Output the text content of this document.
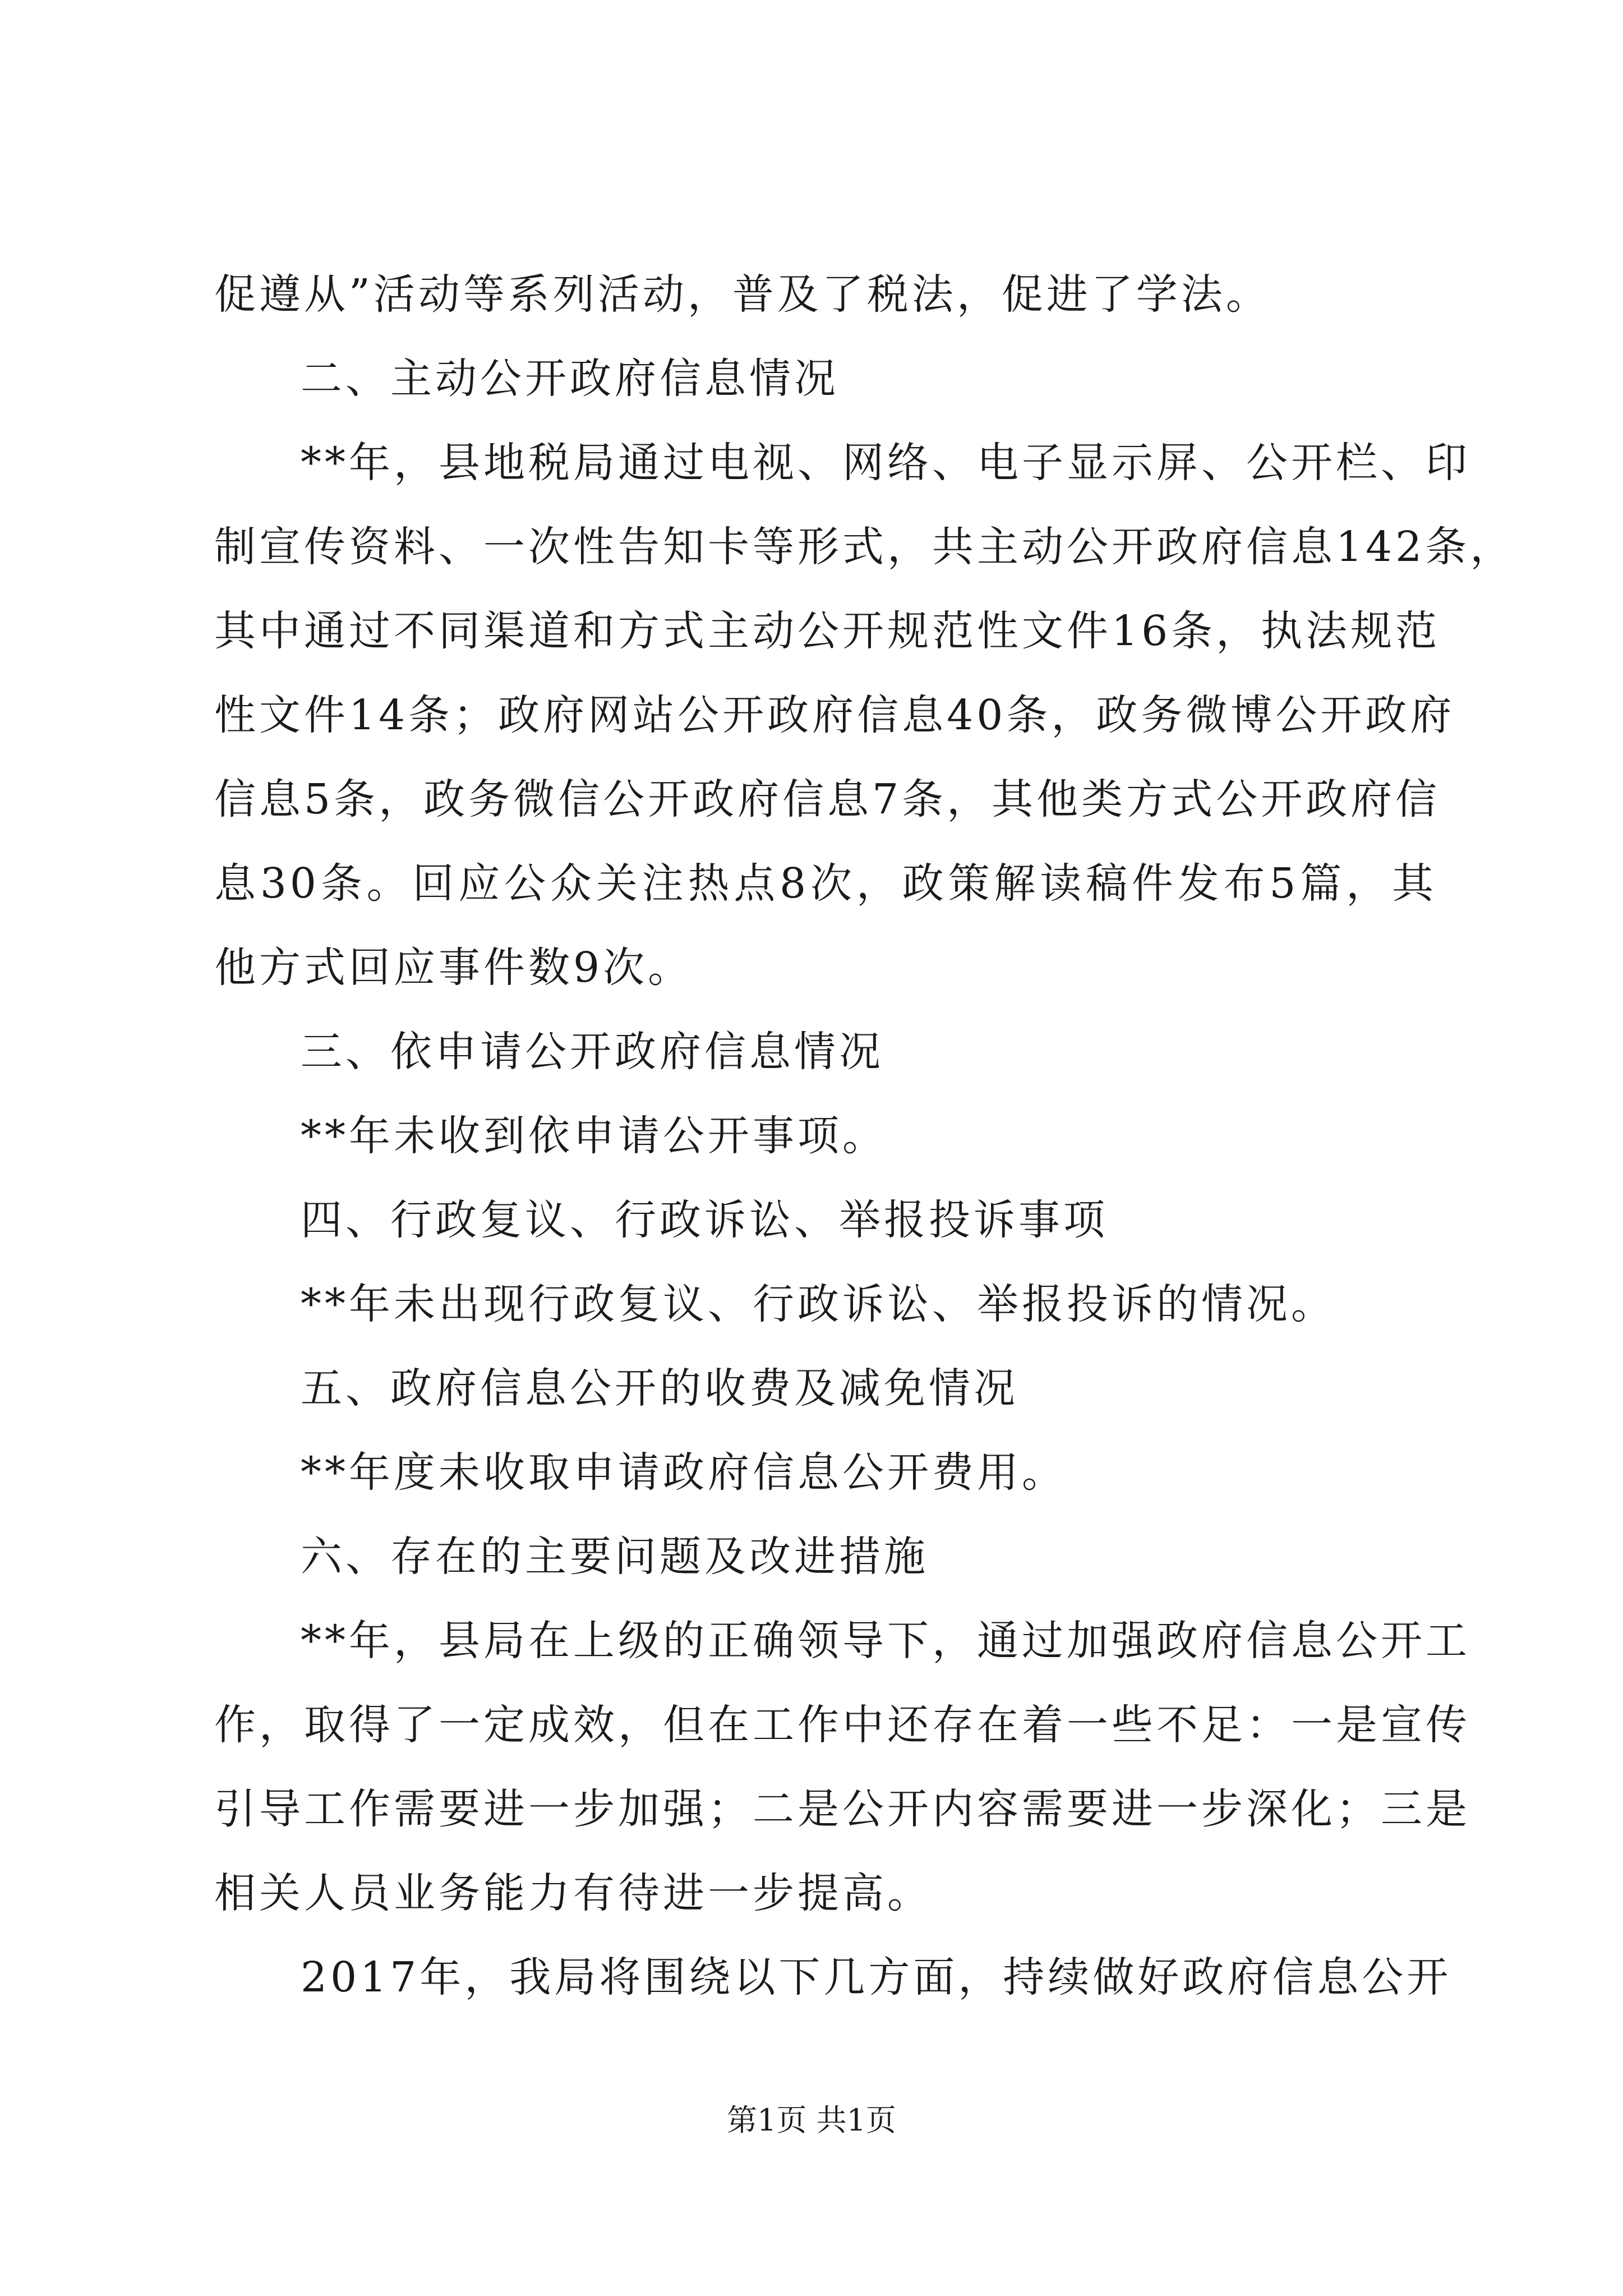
促遵从”活动等系列活动，普及了税法，促进了学法。
二、主动公开政府信息情况
**年，县地税局通过电视、网络、电子显示屏、公开栏、印
制宣传资料、一次性告知卡等形式，共主动公开政府信息142条，
其中通过不同渠道和方式主动公开规范性文件16条，执法规范
性文件14条；政府网站公开政府信息40条，政务微博公开政府
信息5条，政务微信公开政府信息7条，其他类方式公开政府信
息30条。回应公众关注热点8次，政策解读稿件发布5篇，其
他方式回应事件数9次。
三、依申请公开政府信息情况
**年未收到依申请公开事项。
四、行政复议、行政诉讼、举报投诉事项
**年未出现行政复议、行政诉讼、举报投诉的情况。
五、政府信息公开的收费及减免情况
**年度未收取申请政府信息公开费用。
六、存在的主要问题及改进措施
**年，县局在上级的正确领导下，通过加强政府信息公开工
作，取得了一定成效，但在工作中还存在着一些不足：一是宣传
引导工作需要进一步加强；二是公开内容需要进一步深化；三是
相关人员业务能力有待进一步提高。
2017年，我局将围绕以下几方面，持续做好政府信息公开
第1页 共1页
